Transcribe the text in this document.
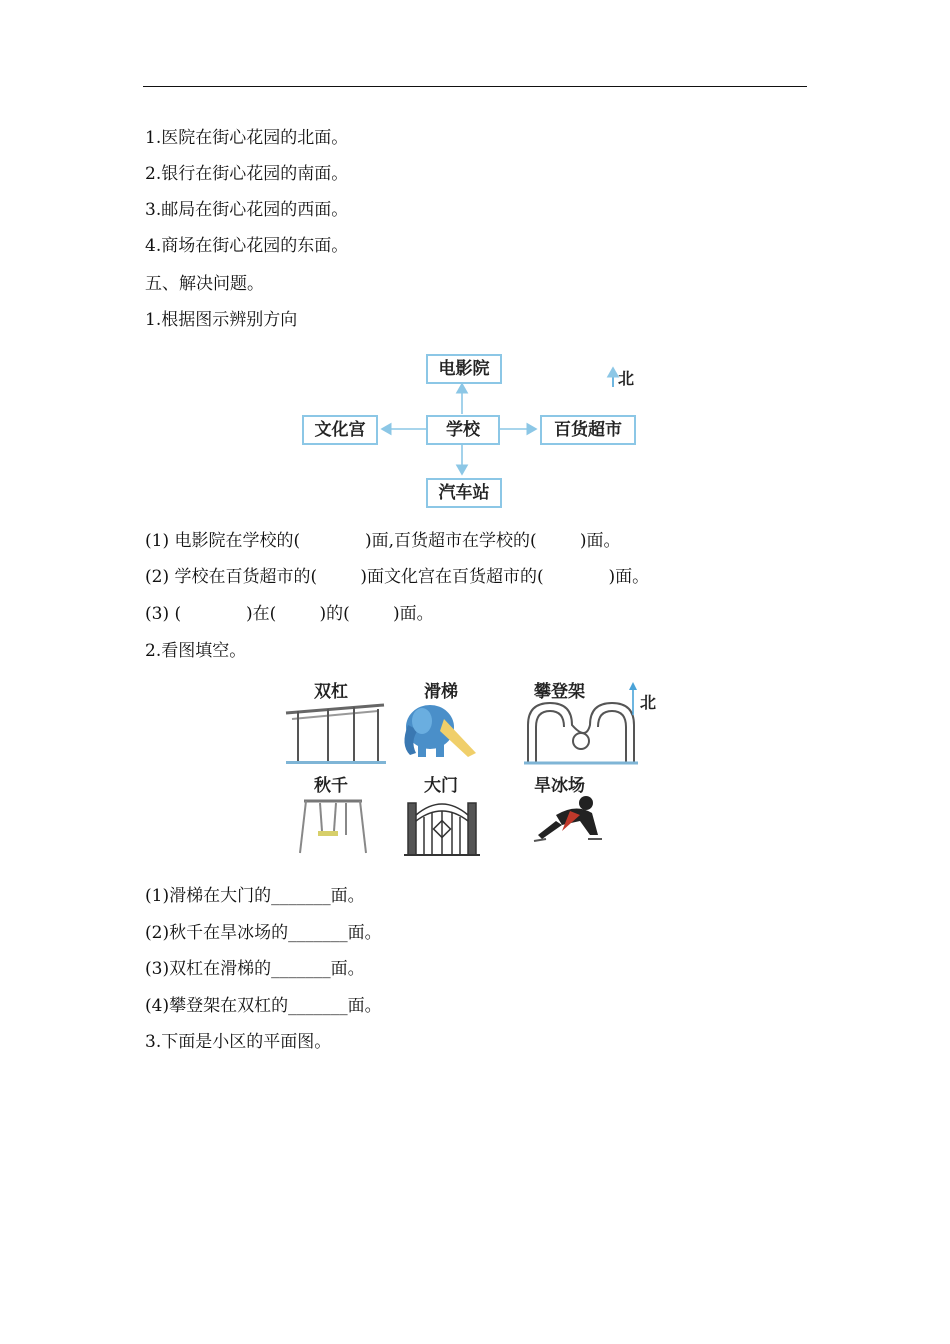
1.医院在街心花园的北面。
2.银行在街心花园的南面。
3.邮局在街心花园的西面。
4.商场在街心花园的东面。
五、解决问题。
1.根据图示辨别方向
电影院
学校
文化宫	百货超市
汽车站
北
(1) 电影院在学校的(            )面,百货超市在学校的(        )面。
(2) 学校在百货超市的(        )面文化宫在百货超市的(            )面。
(3) (            )在(        )的(        )面。
2.看图填空。
双杠	滑梯	攀登架
秋千	大门	旱冰场
北
(1)滑梯在大门的_______面。
(2)秋千在旱冰场的_______面。
(3)双杠在滑梯的_______面。
(4)攀登架在双杠的_______面。
3.下面是小区的平面图。
